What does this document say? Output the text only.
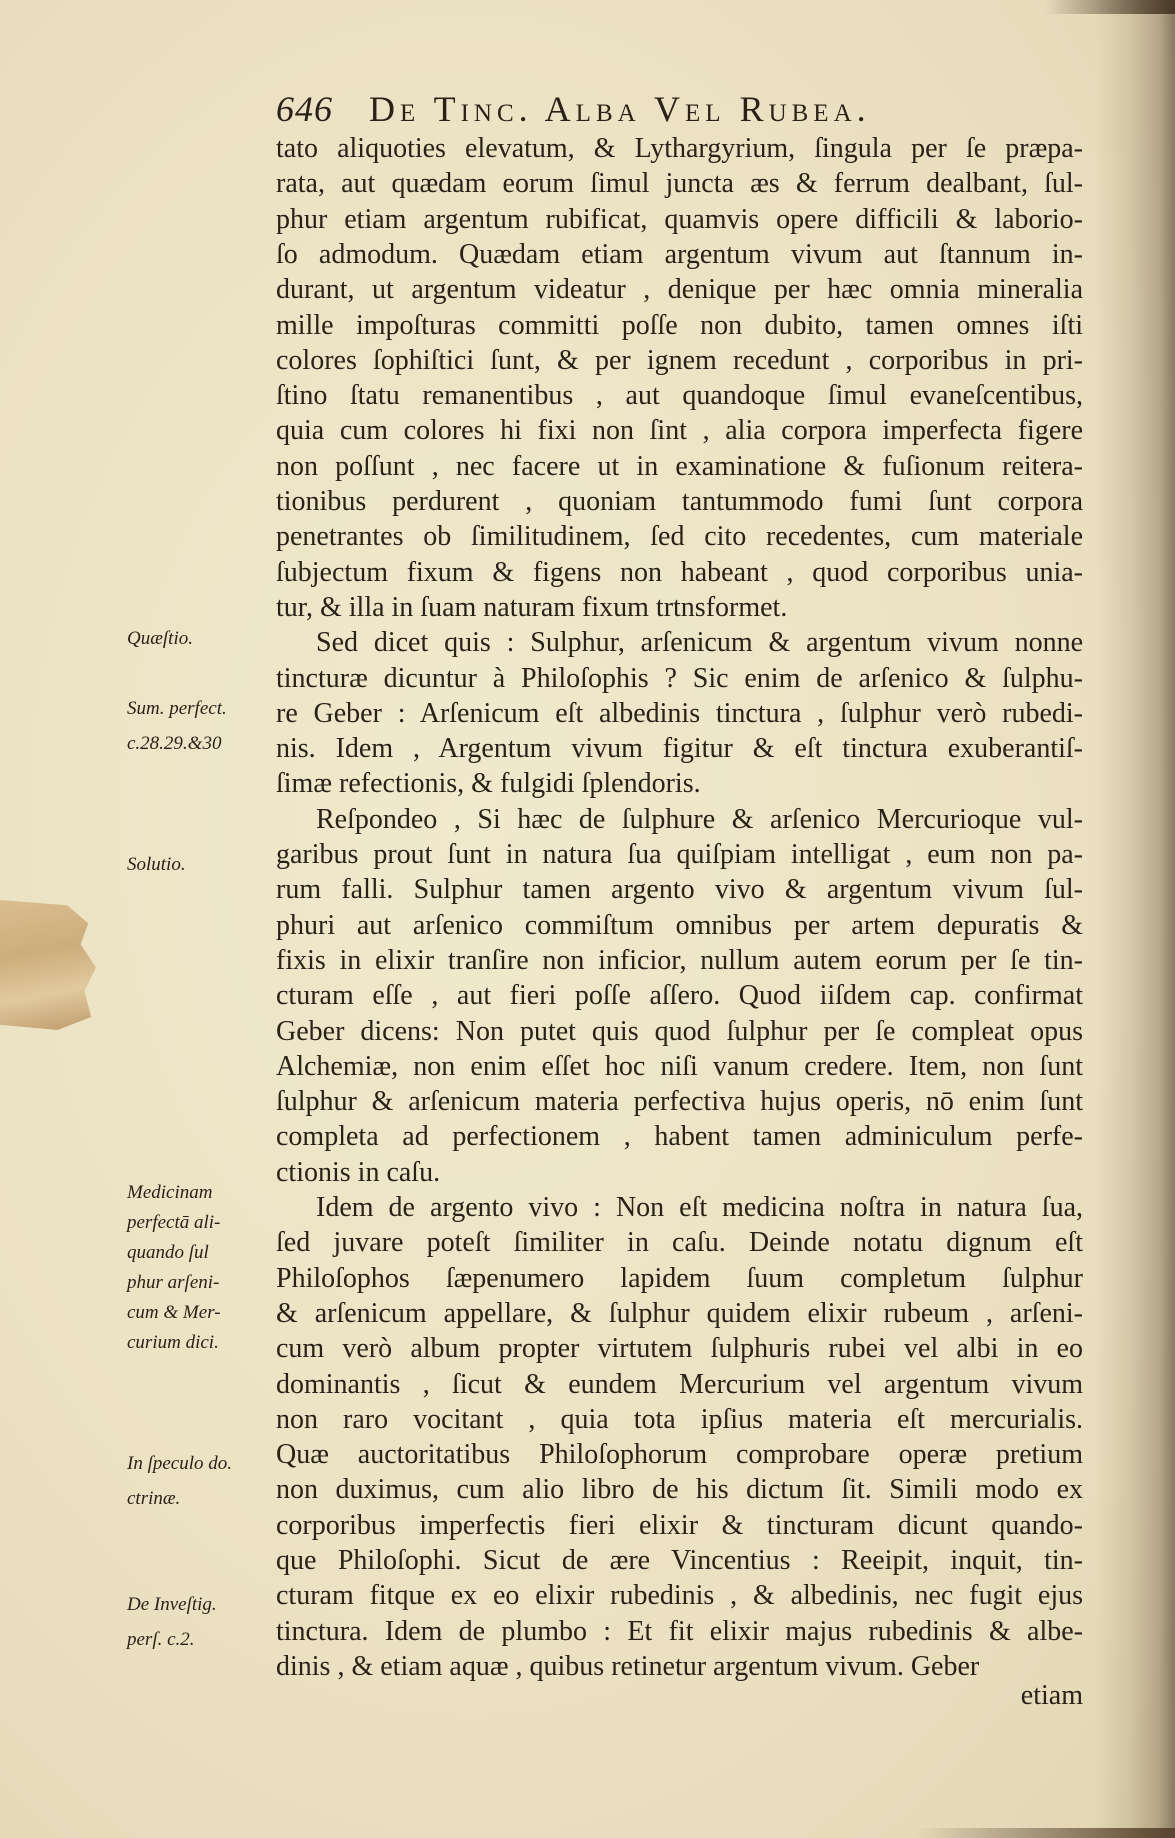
646 De Tinc. Alba Vel Rubea.
tato aliquoties elevatum, & Lythargyrium, ſingula per ſe præpa-
rata, aut quædam eorum ſimul juncta æs & ferrum dealbant, ſul-
phur etiam argentum rubificat, quamvis opere difficili & laborio-
ſo admodum. Quædam etiam argentum vivum aut ſtannum in-
durant, ut argentum videatur , denique per hæc omnia mineralia
mille impoſturas committi poſſe non dubito, tamen omnes iſti
colores ſophiſtici ſunt, & per ignem recedunt , corporibus in pri-
ſtino ſtatu remanentibus , aut quandoque ſimul evaneſcentibus,
quia cum colores hi fixi non ſint , alia corpora imperfecta figere
non poſſunt , nec facere ut in examinatione & fuſionum reitera-
tionibus perdurent , quoniam tantummodo fumi ſunt corpora
penetrantes ob ſimilitudinem, ſed cito recedentes, cum materiale
ſubjectum fixum & figens non habeant , quod corporibus unia-
tur, & illa in ſuam naturam fixum trtnsformet.
Sed dicet quis : Sulphur, arſenicum & argentum vivum nonne
tincturæ dicuntur à Philoſophis ? Sic enim de arſenico & ſulphu-
re Geber : Arſenicum eſt albedinis tinctura , ſulphur verò rubedi-
nis. Idem , Argentum vivum figitur & eſt tinctura exuberantiſ-
ſimæ refectionis, & fulgidi ſplendoris.
Reſpondeo , Si hæc de ſulphure & arſenico Mercurioque vul-
garibus prout ſunt in natura ſua quiſpiam intelligat , eum non pa-
rum falli. Sulphur tamen argento vivo & argentum vivum ſul-
phuri aut arſenico commiſtum omnibus per artem depuratis &
fixis in elixir tranſire non inficior, nullum autem eorum per ſe tin-
cturam eſſe , aut fieri poſſe aſſero. Quod iiſdem cap. confirmat
Geber dicens: Non putet quis quod ſulphur per ſe compleat opus
Alchemiæ, non enim eſſet hoc niſi vanum credere. Item, non ſunt
ſulphur & arſenicum materia perfectiva hujus operis, nō enim ſunt
completa ad perfectionem , habent tamen adminiculum perfe-
ctionis in caſu.
Idem de argento vivo : Non eſt medicina noſtra in natura ſua,
ſed juvare poteſt ſimiliter in caſu. Deinde notatu dignum eſt
Philoſophos ſæpenumero lapidem ſuum completum ſulphur
& arſenicum appellare, & ſulphur quidem elixir rubeum , arſeni-
cum verò album propter virtutem ſulphuris rubei vel albi in eo
dominantis , ſicut & eundem Mercurium vel argentum vivum
non raro vocitant , quia tota ipſius materia eſt mercurialis.
Quæ auctoritatibus Philoſophorum comprobare operæ pretium
non duximus, cum alio libro de his dictum ſit. Simili modo ex
corporibus imperfectis fieri elixir & tincturam dicunt quando-
que Philoſophi. Sicut de ære Vincentius : Reeipit, inquit, tin-
cturam fitque ex eo elixir rubedinis , & albedinis, nec fugit ejus
tinctura. Idem de plumbo : Et fit elixir majus rubedinis & albe-
dinis , & etiam aquæ , quibus retinetur argentum vivum. Geber
Quæſtio.
Sum. perfect.
c.28.29.&30
Solutio.
Medicinam
perfectā ali-
quando ſul
phur arſeni-
cum & Mer-
curium dici.
In ſpeculo do.
ctrinæ.
De Inveſtig.
perſ. c.2.
etiam
